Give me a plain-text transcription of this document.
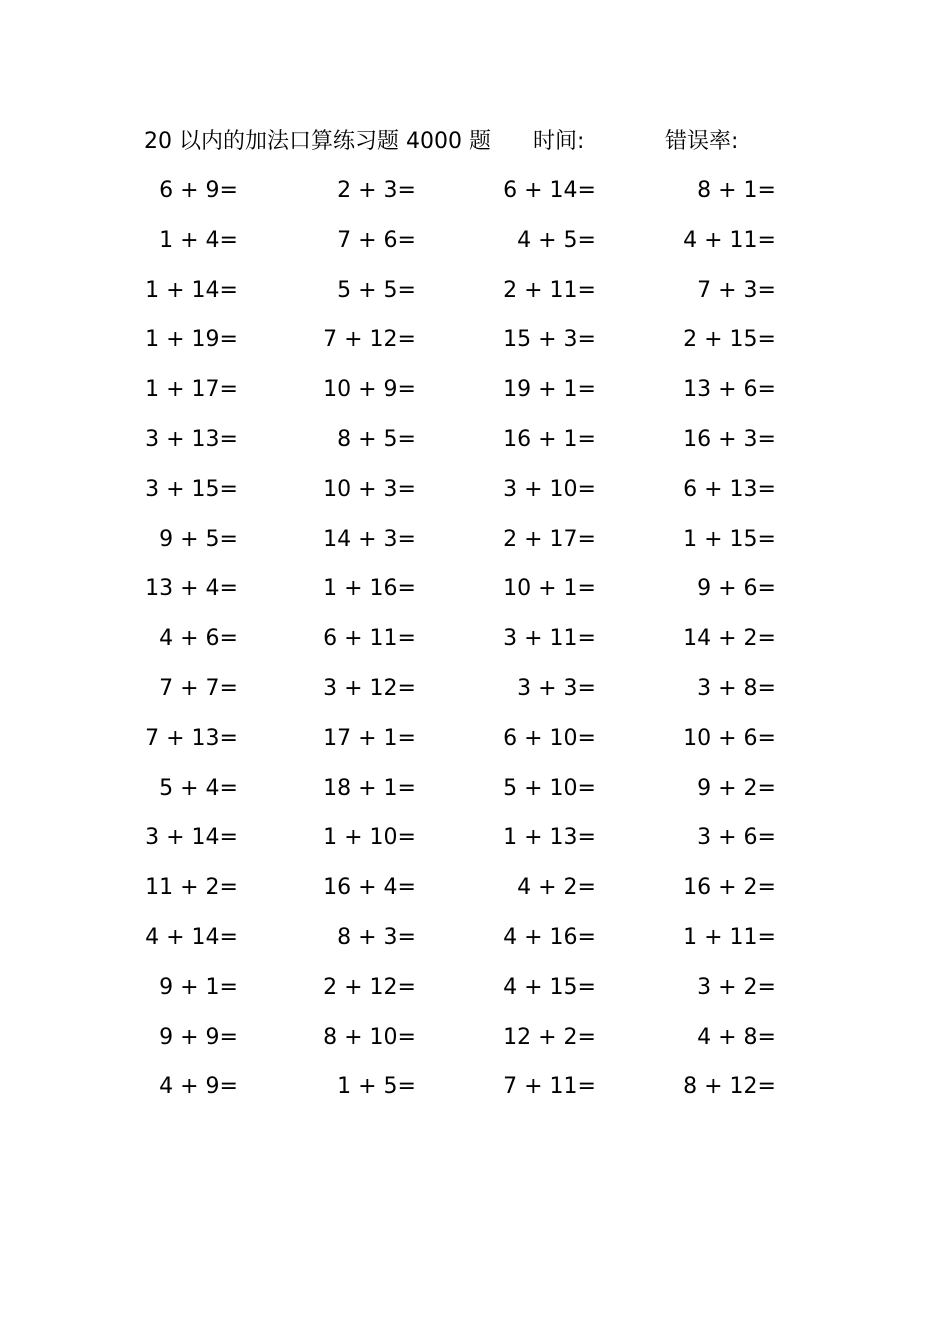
20 以内的加法口算练习题 4000 题 时间:	错误率:
6 + 9=	2 + 3=	6 + 14=	8 + 1=
1 + 4=	7 + 6=	4 + 5=	4 + 11=
1 + 14=	5 + 5=	2 + 11=	7 + 3=
1 + 19=	7 + 12=	15 + 3=	2 + 15=
1 + 17=	10 + 9=	19 + 1=	13 + 6=
3 + 13=	8 + 5=	16 + 1=	16 + 3=
3 + 15=	10 + 3=	3 + 10=	6 + 13=
9 + 5=	14 + 3=	2 + 17=	1 + 15=
13 + 4=	1 + 16=	10 + 1=	9 + 6=
4 + 6=	6 + 11=	3 + 11=	14 + 2=
7 + 7=	3 + 12=	3 + 3=	3 + 8=
7 + 13=	17 + 1=	6 + 10=	10 + 6=
5 + 4=	18 + 1=	5 + 10=	9 + 2=
3 + 14=	1 + 10=	1 + 13=	3 + 6=
11 + 2=	16 + 4=	4 + 2=	16 + 2=
4 + 14=	8 + 3=	4 + 16=	1 + 11=
9 + 1=	2 + 12=	4 + 15=	3 + 2=
9 + 9=	8 + 10=	12 + 2=	4 + 8=
4 + 9=	1 + 5=	7 + 11=	8 + 12=
